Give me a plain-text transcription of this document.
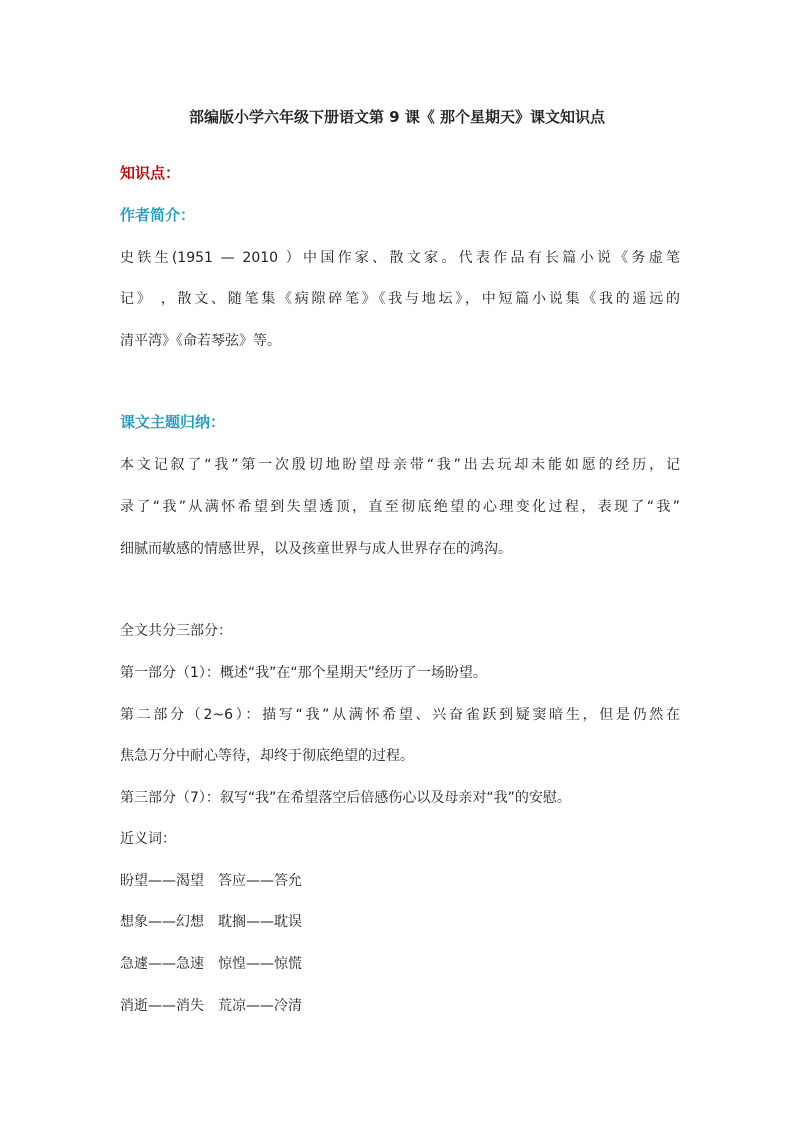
部编版小学六年级下册语文第 9 课《 那个星期天》课文知识点
知识点：
作者简介：
史铁生(1951 — 2010 ）中国作家、散文家。代表作品有长篇小说《务虚笔
记》 ，散文、随笔集《病隙碎笔》《我与地坛》，中短篇小说集《我的遥远的
清平湾》《命若琴弦》等。
课文主题归纳：
本文记叙了“我”第一次殷切地盼望母亲带“我”出去玩却未能如愿的经历，记
录了“我”从满怀希望到失望透顶，直至彻底绝望的心理变化过程，表现了“我”
细腻而敏感的情感世界，以及孩童世界与成人世界存在的鸿沟。
全文共分三部分：
第一部分（1）：概述“我”在“那个星期天”经历了一场盼望。
第二部分（2~6）：描写“我”从满怀希望、兴奋雀跃到疑窦暗生，但是仍然在
焦急万分中耐心等待，却终于彻底绝望的过程。
第三部分（7）：叙写“我”在希望落空后倍感伤心以及母亲对“我”的安慰。
近义词：
盼望——渴望 答应——答允
想象——幻想 耽搁——耽误
急遽——急速 惊惶——惊慌
消逝——消失 荒凉——冷清
